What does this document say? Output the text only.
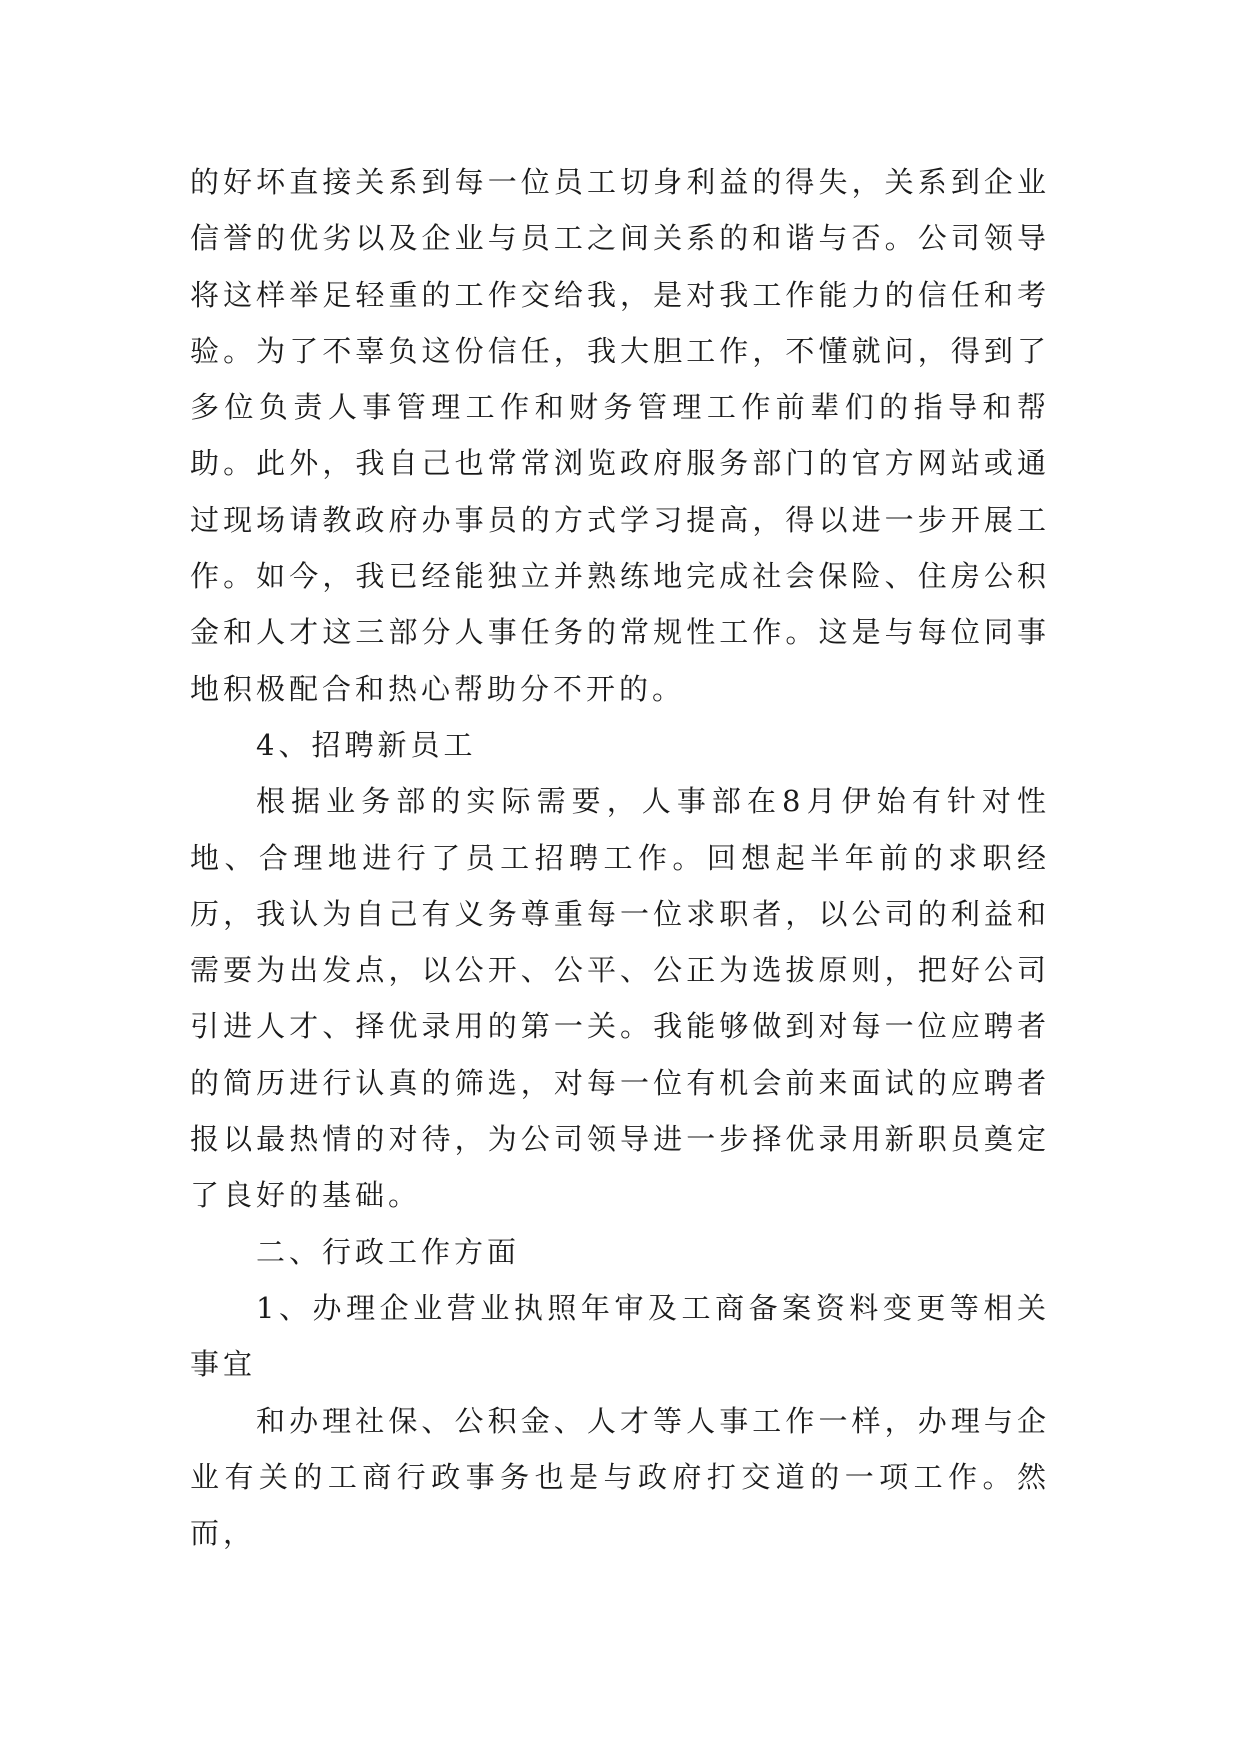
的好坏直接关系到每一位员工切身利益的得失，关系到企业信誉的优劣以及企业与员工之间关系的和谐与否。公司领导将这样举足轻重的工作交给我，是对我工作能力的信任和考验。为了不辜负这份信任，我大胆工作，不懂就问，得到了多位负责人事管理工作和财务管理工作前辈们的指导和帮助。此外，我自己也常常浏览政府服务部门的官方网站或通过现场请教政府办事员的方式学习提高，得以进一步开展工作。如今，我已经能独立并熟练地完成社会保险、住房公积金和人才这三部分人事任务的常规性工作。这是与每位同事地积极配合和热心帮助分不开的。

4、招聘新员工

根据业务部的实际需要，人事部在8月伊始有针对性地、合理地进行了员工招聘工作。回想起半年前的求职经历，我认为自己有义务尊重每一位求职者，以公司的利益和需要为出发点，以公开、公平、公正为选拔原则，把好公司引进人才、择优录用的第一关。我能够做到对每一位应聘者的简历进行认真的筛选，对每一位有机会前来面试的应聘者报以最热情的对待，为公司领导进一步择优录用新职员奠定了良好的基础。

二、行政工作方面

1、办理企业营业执照年审及工商备案资料变更等相关事宜

和办理社保、公积金、人才等人事工作一样，办理与企业有关的工商行政事务也是与政府打交道的一项工作。然而，
